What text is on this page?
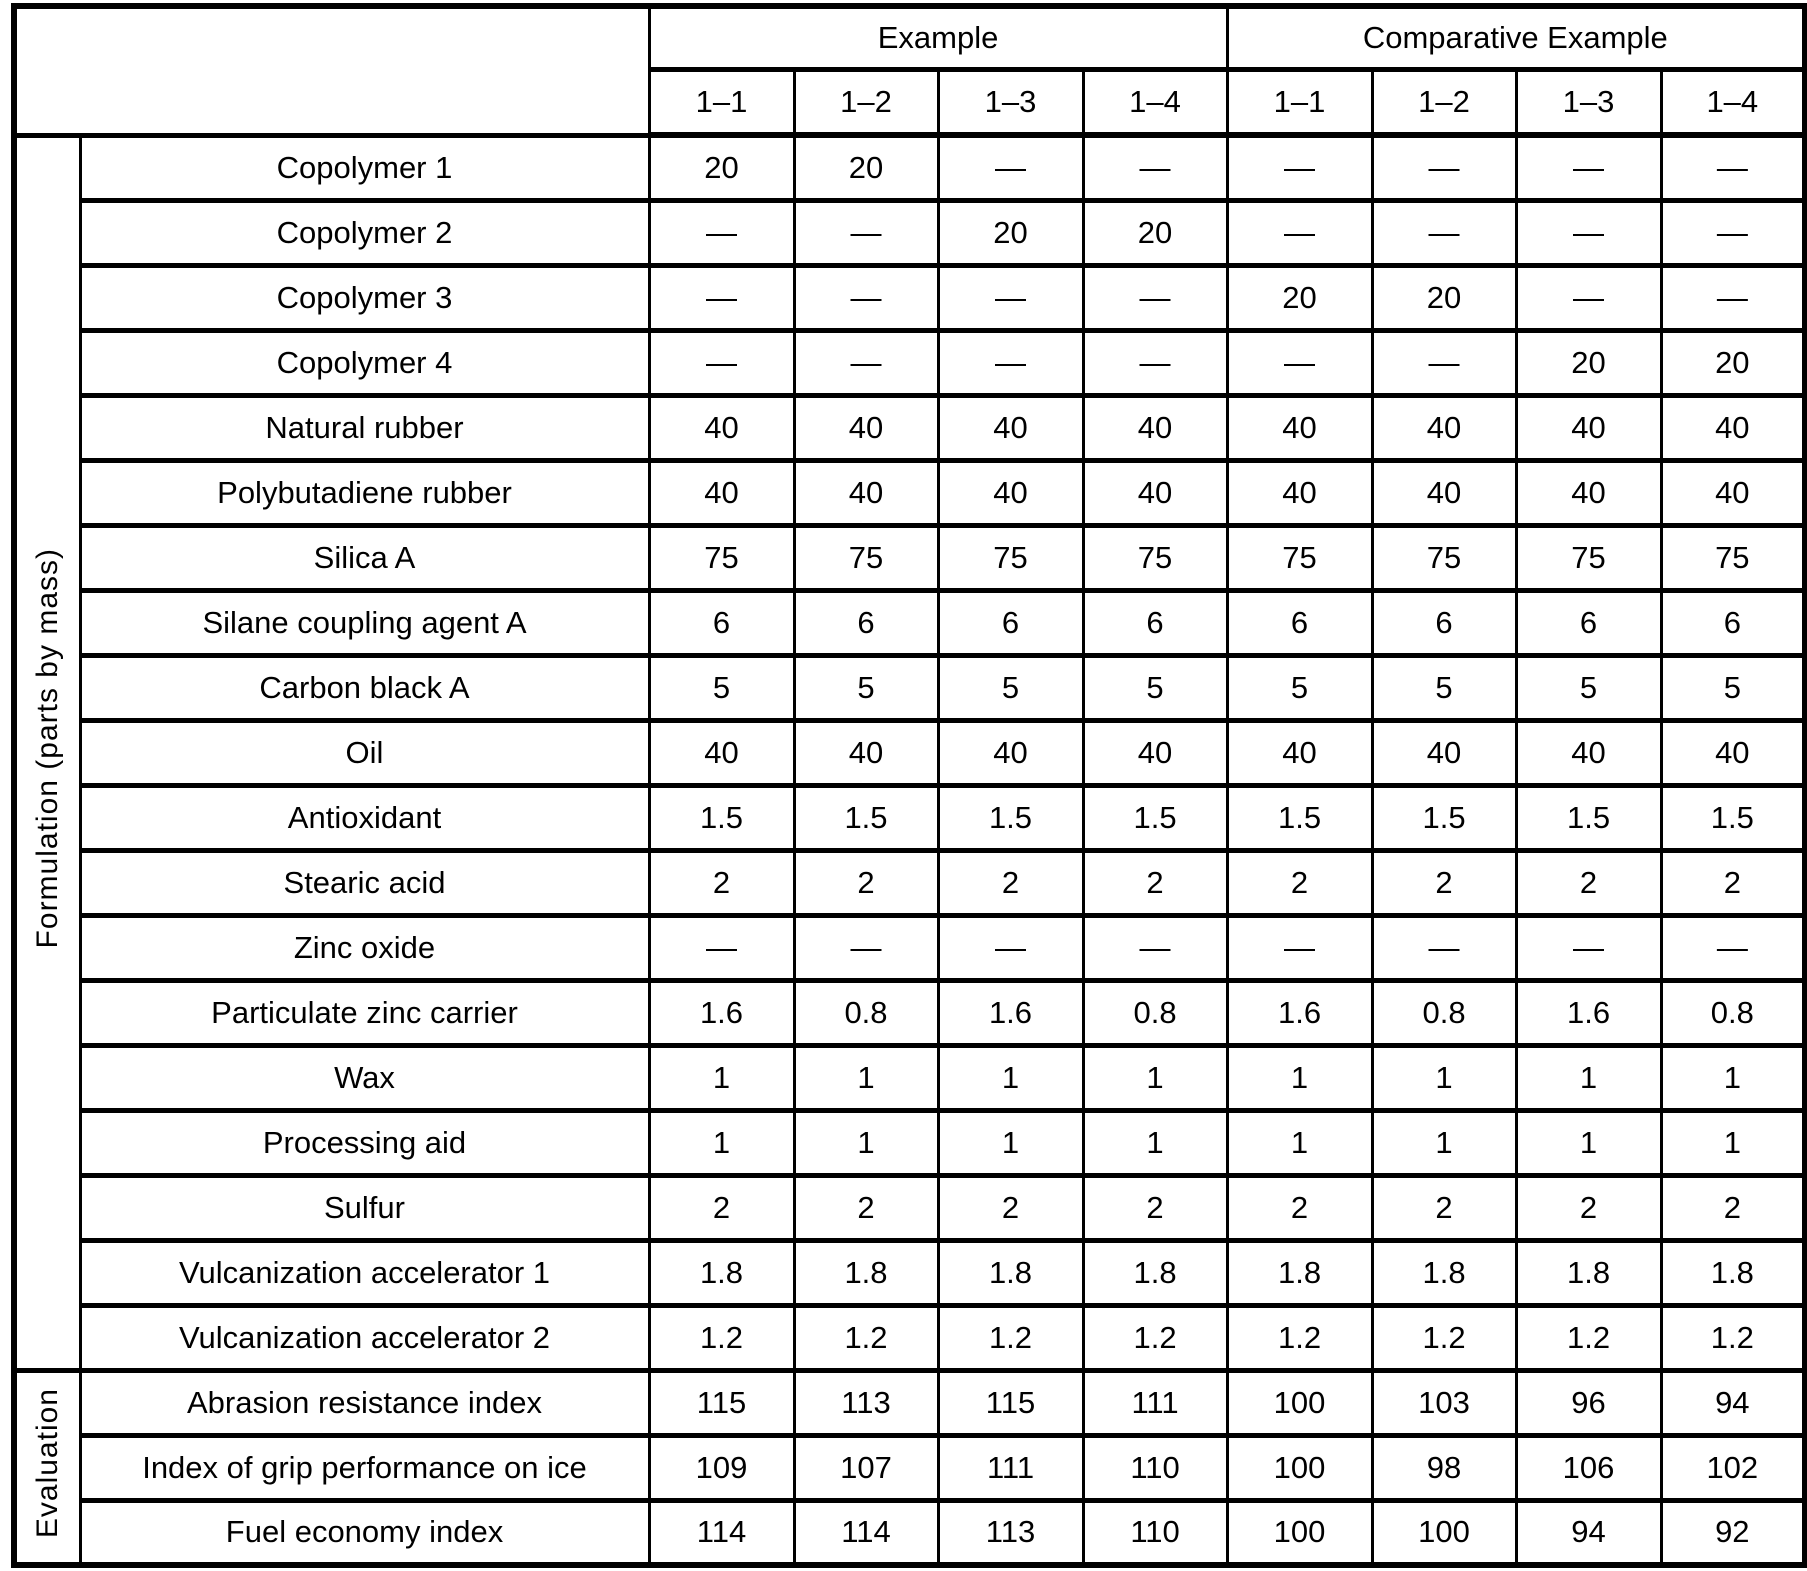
		Example				Comparative Example			
		1–1	1–2	1–3	1–4	1–1	1–2	1–3	1–4
Formulation (parts by mass)	Copolymer 1	20	20	—	—	—	—	—	—
	Copolymer 2	—	—	20	20	—	—	—	—
	Copolymer 3	—	—	—	—	20	20	—	—
	Copolymer 4	—	—	—	—	—	—	20	20
	Natural rubber	40	40	40	40	40	40	40	40
	Polybutadiene rubber	40	40	40	40	40	40	40	40
	Silica A	75	75	75	75	75	75	75	75
	Silane coupling agent A	6	6	6	6	6	6	6	6
	Carbon black A	5	5	5	5	5	5	5	5
	Oil	40	40	40	40	40	40	40	40
	Antioxidant	1.5	1.5	1.5	1.5	1.5	1.5	1.5	1.5
	Stearic acid	2	2	2	2	2	2	2	2
	Zinc oxide	—	—	—	—	—	—	—	—
	Particulate zinc carrier	1.6	0.8	1.6	0.8	1.6	0.8	1.6	0.8
	Wax	1	1	1	1	1	1	1	1
	Processing aid	1	1	1	1	1	1	1	1
	Sulfur	2	2	2	2	2	2	2	2
	Vulcanization accelerator 1	1.8	1.8	1.8	1.8	1.8	1.8	1.8	1.8
	Vulcanization accelerator 2	1.2	1.2	1.2	1.2	1.2	1.2	1.2	1.2
Evaluation	Abrasion resistance index	115	113	115	111	100	103	96	94
	Index of grip performance on ice	109	107	111	110	100	98	106	102
	Fuel economy index	114	114	113	110	100	100	94	92
